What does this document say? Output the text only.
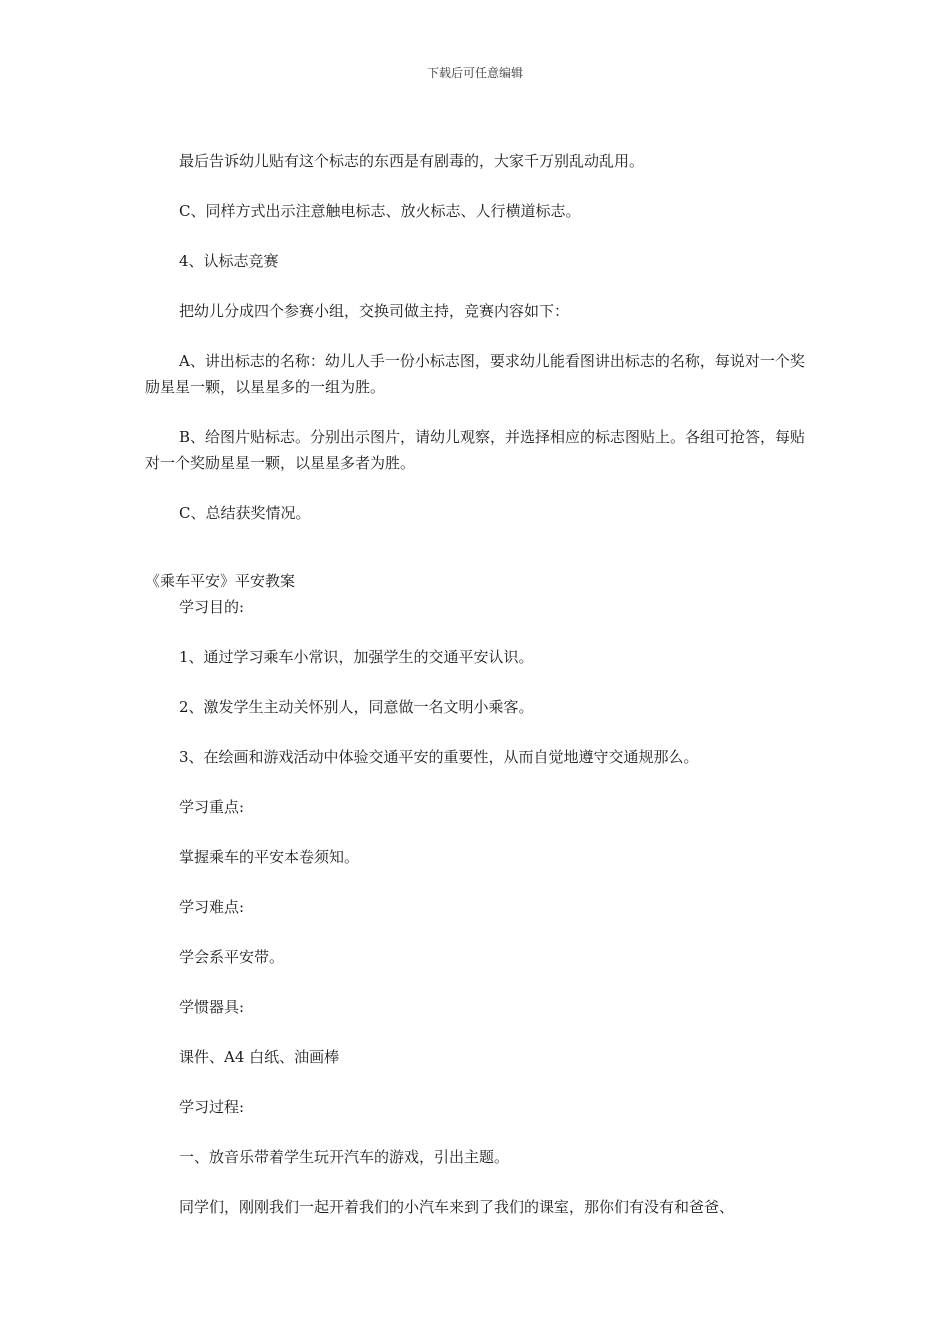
下载后可任意编辑

最后告诉幼儿贴有这个标志的东西是有剧毒的，大家千万别乱动乱用。

C、同样方式出示注意触电标志、放火标志、人行横道标志。

4、认标志竞赛

把幼儿分成四个参赛小组，交换司做主持，竞赛内容如下：

A、讲出标志的名称：幼儿人手一份小标志图，要求幼儿能看图讲出标志的名称，每说对一个奖励星星一颗，以星星多的一组为胜。

B、给图片贴标志。分别出示图片，请幼儿观察，并选择相应的标志图贴上。各组可抢答，每贴对一个奖励星星一颗，以星星多者为胜。

C、总结获奖情况。

《乘车平安》平安教案

学习目的:

1、通过学习乘车小常识，加强学生的交通平安认识。

2、激发学生主动关怀别人，同意做一名文明小乘客。

3、在绘画和游戏活动中体验交通平安的重要性，从而自觉地遵守交通规那么。

学习重点:

掌握乘车的平安本卷须知。

学习难点:

学会系平安带。

学惯器具:

课件、A4 白纸、油画棒

学习过程:

一、放音乐带着学生玩开汽车的游戏，引出主题。

同学们，刚刚我们一起开着我们的小汽车来到了我们的课室，那你们有没有和爸爸、
